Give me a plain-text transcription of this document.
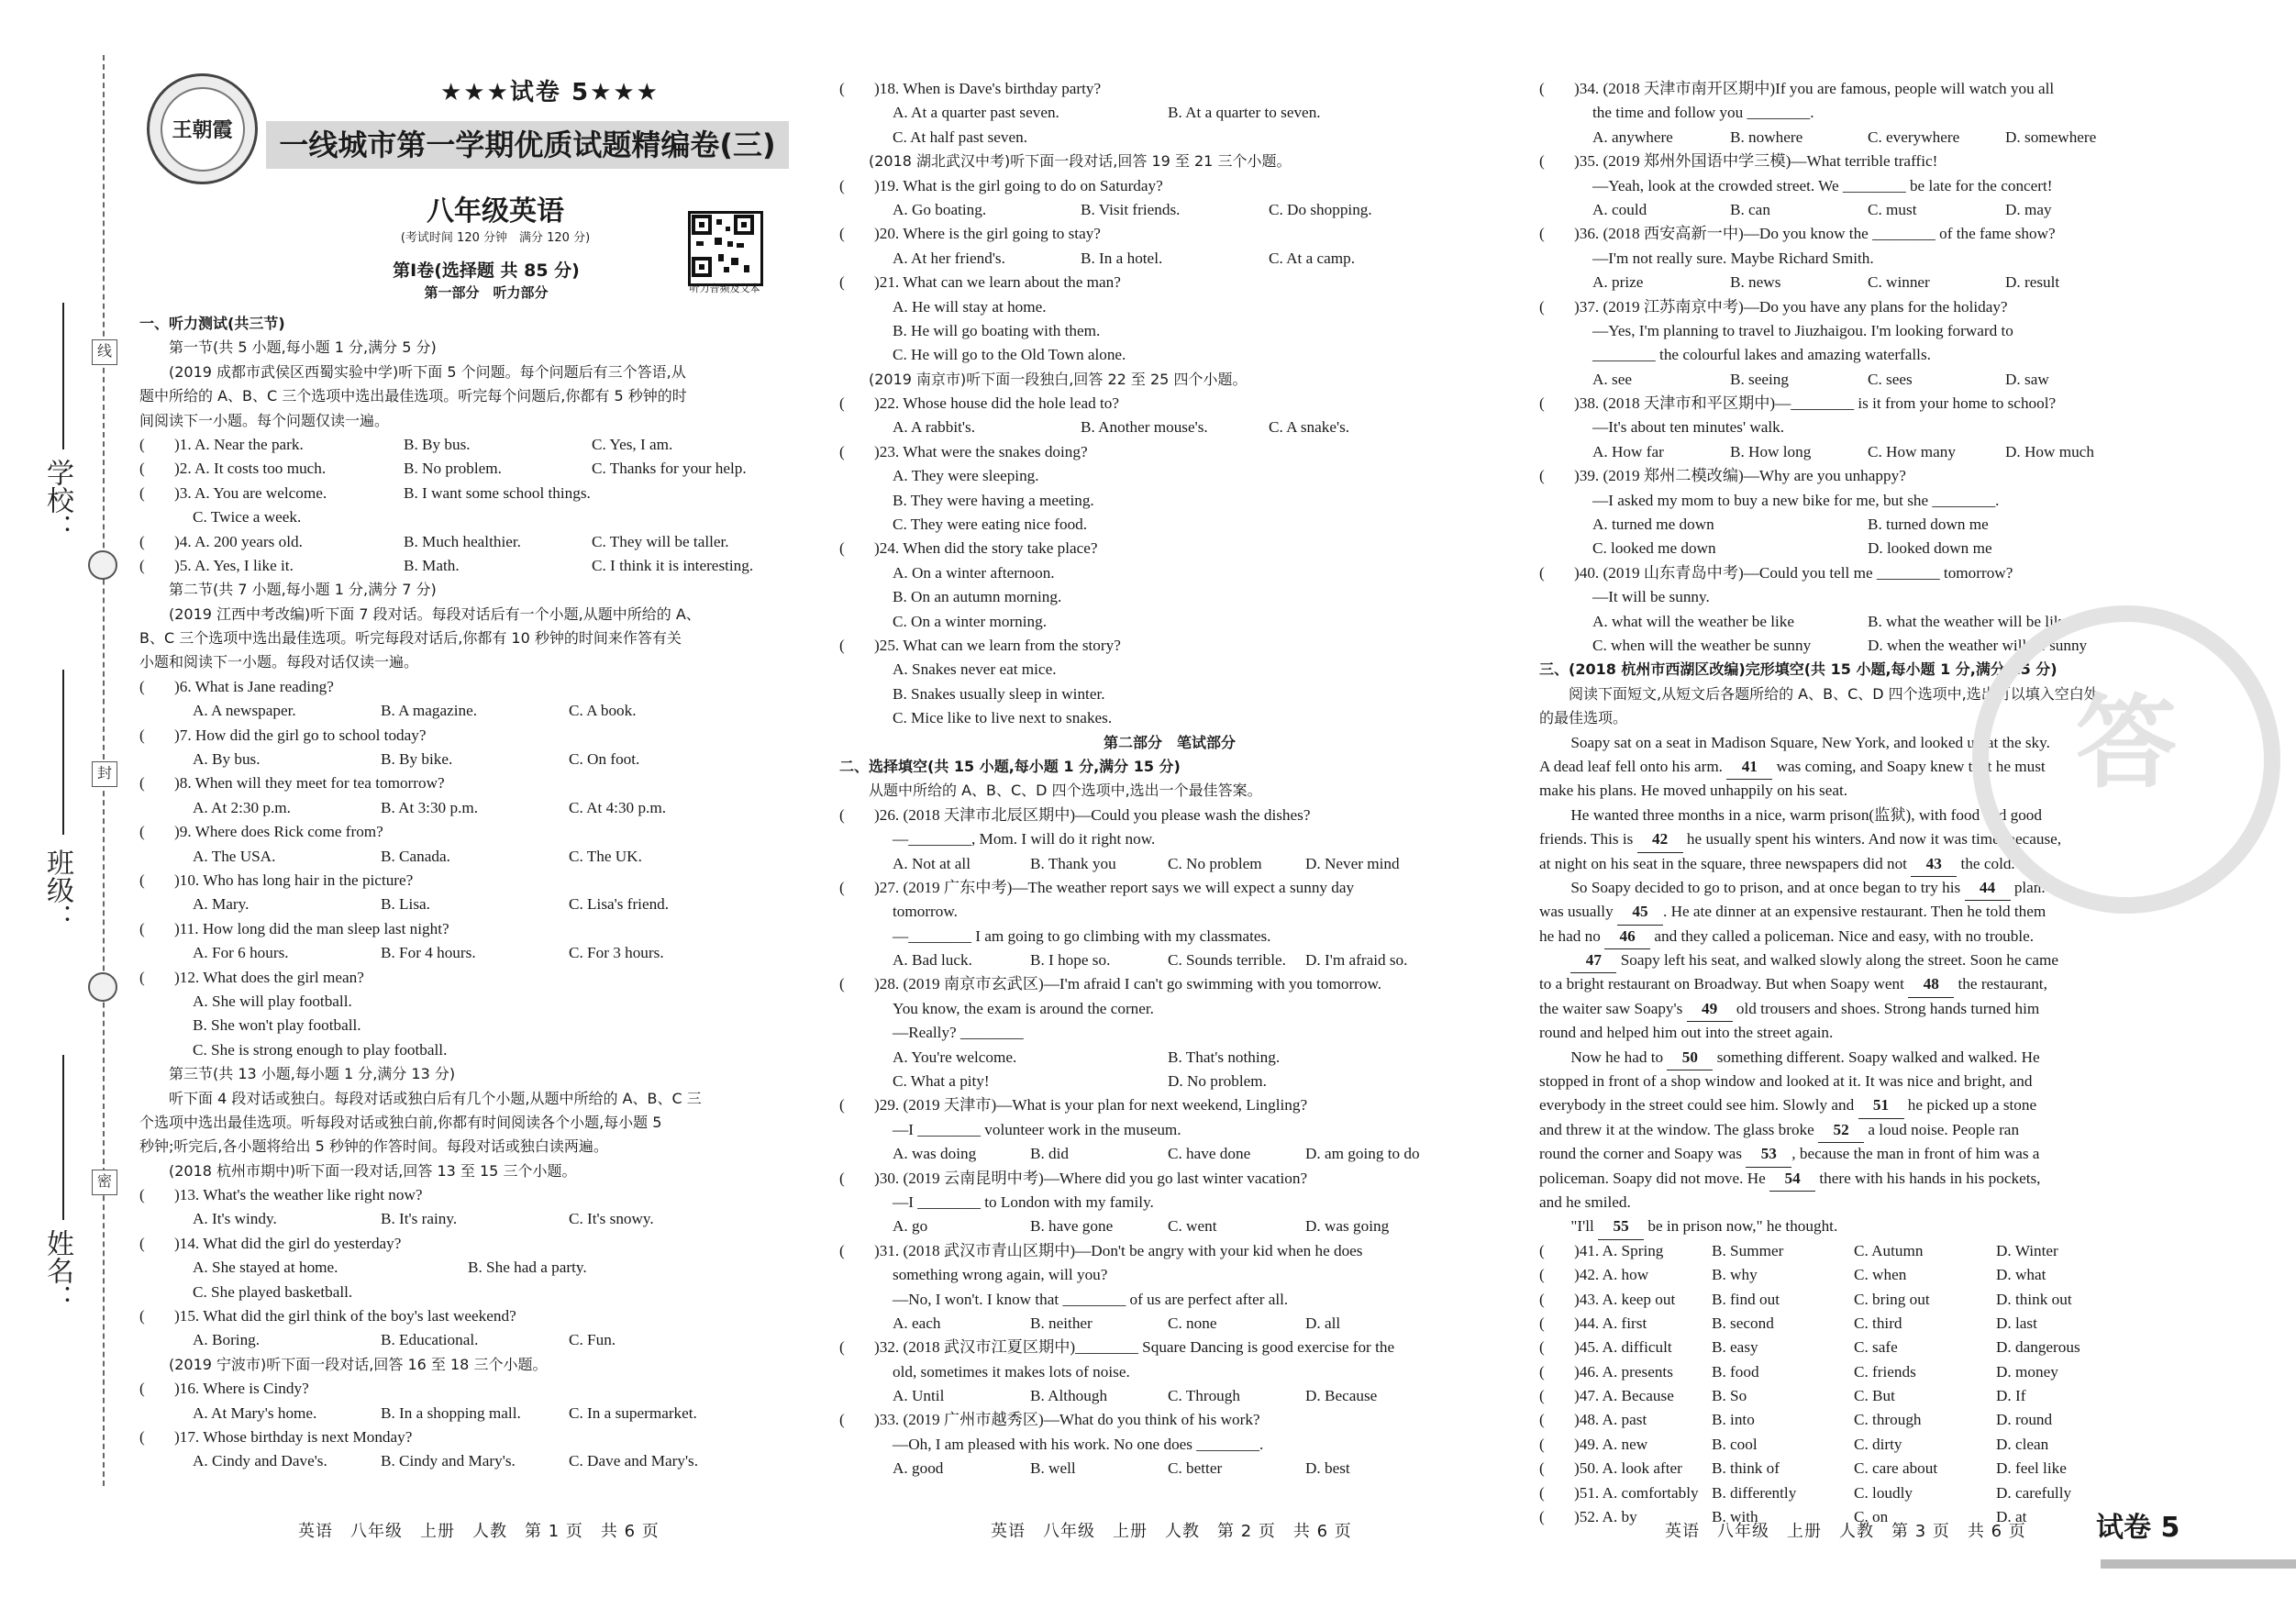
线
封
密
学校：
班级：
姓名：
王朝霞
★★★试卷 5★★★
一线城市第一学期优质试题精编卷(三)
八年级英语
(考试时间 120 分钟　满分 120 分)
听力音频及文本
第Ⅰ卷(选择题 共 85 分)
第一部分　听力部分
一、听力测试(共三节)
　　第一节(共 5 小题,每小题 1 分,满分 5 分)
　　(2019 成都市武侯区西蜀实验中学)听下面 5 个问题。每个问题后有三个答语,从
题中所给的 A、B、C 三个选项中选出最佳选项。听完每个问题后,你都有 5 秒钟的时
间阅读下一小题。每个问题仅读一遍。
(	)1. A. Near the park.	B. By bus.	C. Yes, I am.
(	)2. A. It costs too much.	B. No problem.	C. Thanks for your help.
(	)3. A. You are welcome.	B. I want some school things.
C. Twice a week.
(	)4. A. 200 years old.	B. Much healthier.	C. They will be taller.
(	)5. A. Yes, I like it.	B. Math.	C. I think it is interesting.
　　第二节(共 7 小题,每小题 1 分,满分 7 分)
　　(2019 江西中考改编)听下面 7 段对话。每段对话后有一个小题,从题中所给的 A、
B、C 三个选项中选出最佳选项。听完每段对话后,你都有 10 秒钟的时间来作答有关
小题和阅读下一小题。每段对话仅读一遍。
(	)6. What is Jane reading?
A. A newspaper.	B. A magazine.	C. A book.
(	)7. How did the girl go to school today?
A. By bus.	B. By bike.	C. On foot.
(	)8. When will they meet for tea tomorrow?
A. At 2:30 p.m.	B. At 3:30 p.m.	C. At 4:30 p.m.
(	)9. Where does Rick come from?
A. The USA.	B. Canada.	C. The UK.
(	)10. Who has long hair in the picture?
A. Mary.	B. Lisa.	C. Lisa's friend.
(	)11. How long did the man sleep last night?
A. For 6 hours.	B. For 4 hours.	C. For 3 hours.
(	)12. What does the girl mean?
A. She will play football.
B. She won't play football.
C. She is strong enough to play football.
　　第三节(共 13 小题,每小题 1 分,满分 13 分)
　　听下面 4 段对话或独白。每段对话或独白后有几个小题,从题中所给的 A、B、C 三
个选项中选出最佳选项。听每段对话或独白前,你都有时间阅读各个小题,每小题 5
秒钟;听完后,各小题将给出 5 秒钟的作答时间。每段对话或独白读两遍。
　　(2018 杭州市期中)听下面一段对话,回答 13 至 15 三个小题。
(	)13. What's the weather like right now?
A. It's windy.	B. It's rainy.	C. It's snowy.
(	)14. What did the girl do yesterday?
A. She stayed at home.	B. She had a party.
C. She played basketball.
(	)15. What did the girl think of the boy's last weekend?
A. Boring.	B. Educational.	C. Fun.
　　(2019 宁波市)听下面一段对话,回答 16 至 18 三个小题。
(	)16. Where is Cindy?
A. At Mary's home.	B. In a shopping mall.	C. In a supermarket.
(	)17. Whose birthday is next Monday?
A. Cindy and Dave's.	B. Cindy and Mary's.	C. Dave and Mary's.
(	)18. When is Dave's birthday party?
A. At a quarter past seven.	B. At a quarter to seven.
C. At half past seven.
　　(2018 湖北武汉中考)听下面一段对话,回答 19 至 21 三个小题。
(	)19. What is the girl going to do on Saturday?
A. Go boating.	B. Visit friends.	C. Do shopping.
(	)20. Where is the girl going to stay?
A. At her friend's.	B. In a hotel.	C. At a camp.
(	)21. What can we learn about the man?
A. He will stay at home.
B. He will go boating with them.
C. He will go to the Old Town alone.
　　(2019 南京市)听下面一段独白,回答 22 至 25 四个小题。
(	)22. Whose house did the hole lead to?
A. A rabbit's.	B. Another mouse's.	C. A snake's.
(	)23. What were the snakes doing?
A. They were sleeping.
B. They were having a meeting.
C. They were eating nice food.
(	)24. When did the story take place?
A. On a winter afternoon.
B. On an autumn morning.
C. On a winter morning.
(	)25. What can we learn from the story?
A. Snakes never eat mice.
B. Snakes usually sleep in winter.
C. Mice like to live next to snakes.
第二部分　笔试部分
二、选择填空(共 15 小题,每小题 1 分,满分 15 分)
　　从题中所给的 A、B、C、D 四个选项中,选出一个最佳答案。
(	)26. (2018 天津市北辰区期中)—Could you please wash the dishes?
—________, Mom. I will do it right now.
A. Not at all	B. Thank you	C. No problem	D. Never mind
(	)27. (2019 广东中考)—The weather report says we will expect a sunny day
tomorrow.
—________ I am going to go climbing with my classmates.
A. Bad luck.	B. I hope so.	C. Sounds terrible.	D. I'm afraid so.
(	)28. (2019 南京市玄武区)—I'm afraid I can't go swimming with you tomorrow.
You know, the exam is around the corner.
—Really? ________
A. You're welcome.	B. That's nothing.
C. What a pity!	D. No problem.
(	)29. (2019 天津市)—What is your plan for next weekend, Lingling?
—I ________ volunteer work in the museum.
A. was doing	B. did	C. have done	D. am going to do
(	)30. (2019 云南昆明中考)—Where did you go last winter vacation?
—I ________ to London with my family.
A. go	B. have gone	C. went	D. was going
(	)31. (2018 武汉市青山区期中)—Don't be angry with your kid when he does
something wrong again, will you?
—No, I won't. I know that ________ of us are perfect after all.
A. each	B. neither	C. none	D. all
(	)32. (2018 武汉市江夏区期中)________ Square Dancing is good exercise for the
old, sometimes it makes lots of noise.
A. Until	B. Although	C. Through	D. Because
(	)33. (2019 广州市越秀区)—What do you think of his work?
—Oh, I am pleased with his work. No one does ________.
A. good	B. well	C. better	D. best
(	)34. (2018 天津市南开区期中)If you are famous, people will watch you all
the time and follow you ________.
A. anywhere	B. nowhere	C. everywhere	D. somewhere
(	)35. (2019 郑州外国语中学三模)—What terrible traffic!
—Yeah, look at the crowded street. We ________ be late for the concert!
A. could	B. can	C. must	D. may
(	)36. (2018 西安高新一中)—Do you know the ________ of the fame show?
—I'm not really sure. Maybe Richard Smith.
A. prize	B. news	C. winner	D. result
(	)37. (2019 江苏南京中考)—Do you have any plans for the holiday?
—Yes, I'm planning to travel to Jiuzhaigou. I'm looking forward to
________ the colourful lakes and amazing waterfalls.
A. see	B. seeing	C. sees	D. saw
(	)38. (2018 天津市和平区期中)—________ is it from your home to school?
—It's about ten minutes' walk.
A. How far	B. How long	C. How many	D. How much
(	)39. (2019 郑州二模改编)—Why are you unhappy?
—I asked my mom to buy a new bike for me, but she ________.
A. turned me down	B. turned down me
C. looked me down	D. looked down me
(	)40. (2019 山东青岛中考)—Could you tell me ________ tomorrow?
—It will be sunny.
A. what will the weather be like	B. what the weather will be like
C. when will the weather be sunny	D. when the weather will be sunny
三、(2018 杭州市西湖区改编)完形填空(共 15 小题,每小题 1 分,满分 15 分)
　　阅读下面短文,从短文后各题所给的 A、B、C、D 四个选项中,选出可以填入空白处
的最佳选项。
　　Soapy sat on a seat in Madison Square, New York, and looked up at the sky.
A dead leaf fell onto his arm. 41 was coming, and Soapy knew that he must
make his plans. He moved unhappily on his seat.
　　He wanted three months in a nice, warm prison(监狱), with food and good
friends. This is 42 he usually spent his winters. And now it was time, because,
at night on his seat in the square, three newspapers did not 43 the cold.
　　So Soapy decided to go to prison, and at once began to try his 44 plan. It
was usually 45 . He ate dinner at an expensive restaurant. Then he told them
he had no 46 and they called a policeman. Nice and easy, with no trouble.
　　47 Soapy left his seat, and walked slowly along the street. Soon he came
to a bright restaurant on Broadway. But when Soapy went 48 the restaurant,
the waiter saw Soapy's 49 old trousers and shoes. Strong hands turned him
round and helped him out into the street again.
　　Now he had to 50 something different. Soapy walked and walked. He
stopped in front of a shop window and looked at it. It was nice and bright, and
everybody in the street could see him. Slowly and 51 he picked up a stone
and threw it at the window. The glass broke 52 a loud noise. People ran
round the corner and Soapy was 53 , because the man in front of him was a
policeman. Soapy did not move. He 54 there with his hands in his pockets,
and he smiled.
　　"I'll 55 be in prison now," he thought.
(	)41. A. Spring	B. Summer	C. Autumn	D. Winter
(	)42. A. how	B. why	C. when	D. what
(	)43. A. keep out	B. find out	C. bring out	D. think out
(	)44. A. first	B. second	C. third	D. last
(	)45. A. difficult	B. easy	C. safe	D. dangerous
(	)46. A. presents	B. food	C. friends	D. money
(	)47. A. Because	B. So	C. But	D. If
(	)48. A. past	B. into	C. through	D. round
(	)49. A. new	B. cool	C. dirty	D. clean
(	)50. A. look after	B. think of	C. care about	D. feel like
(	)51. A. comfortably B. differently	C. loudly	D. carefully
(	)52. A. by	B. with	C. on	D. at
答
英语　八年级　上册　人教　第 1 页　共 6 页	英语　八年级　上册　人教　第 2 页　共 6 页	英语　八年级　上册　人教　第 3 页　共 6 页	试卷 5
